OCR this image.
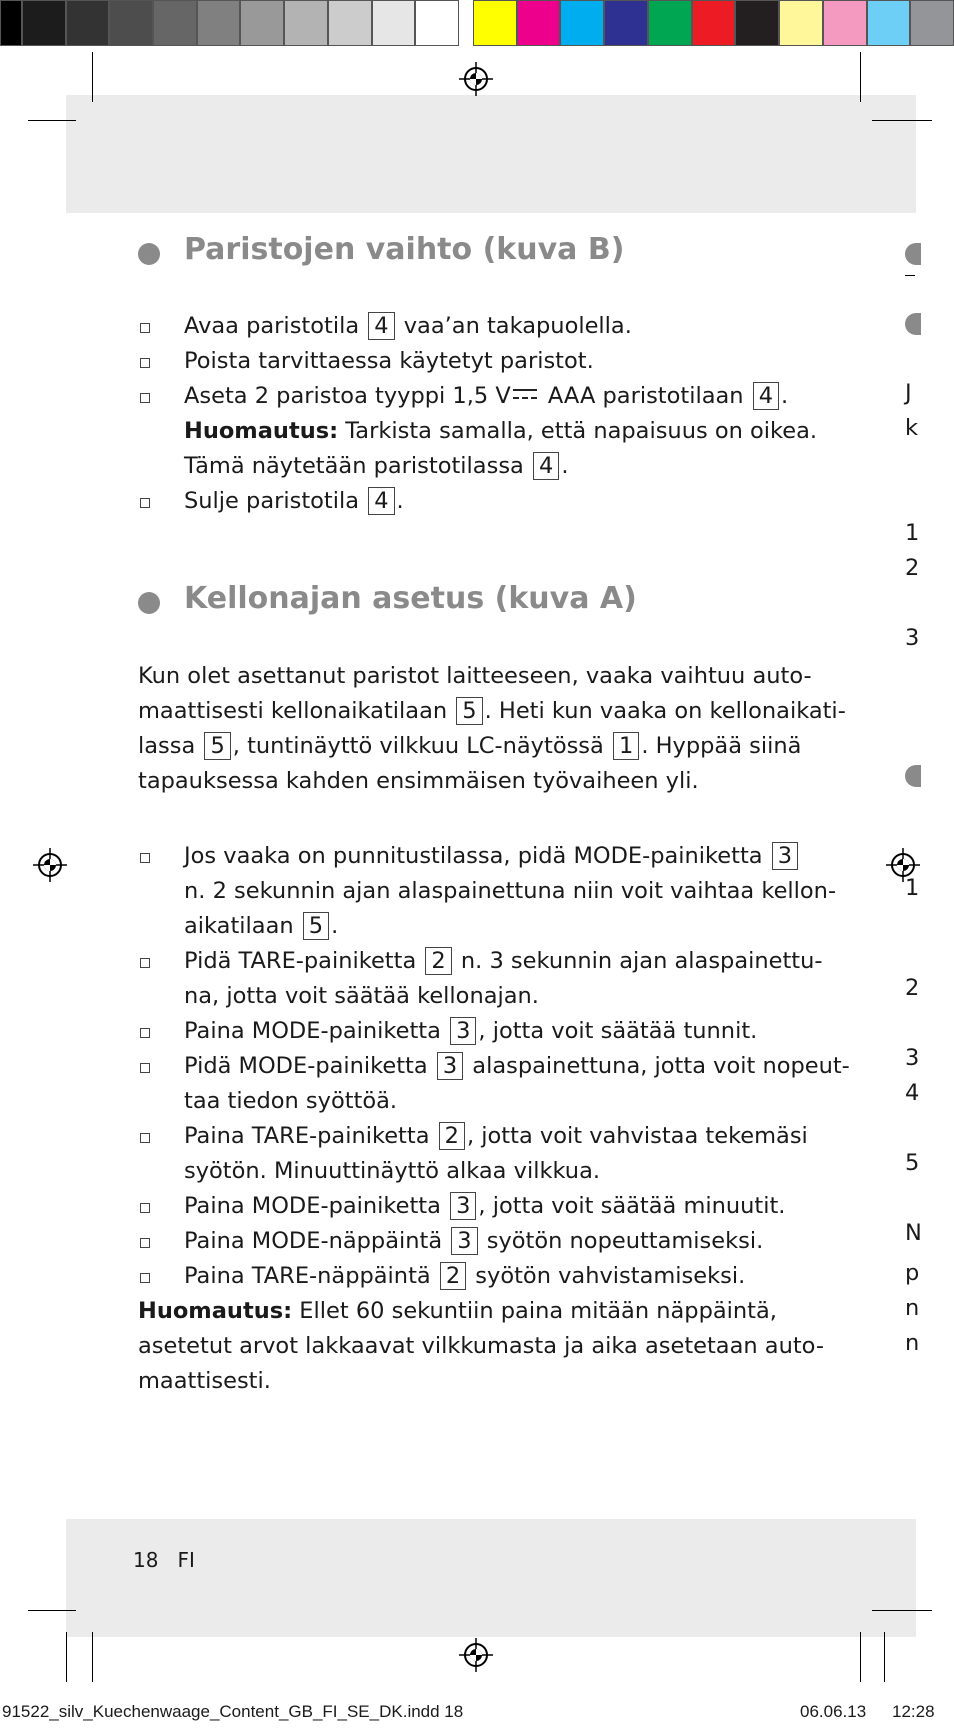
Paristojen vaihto (kuva B)
Avaa paristotila 4 vaa’an takapuolella.
Poista tarvittaessa käytetyt paristot.
Aseta 2 paristoa tyyppi 1,5 V AAA paristotilaan 4 .
Huomautus: Tarkista samalla, että napaisuus on oikea.
Tämä näytetään paristotilassa 4 .
Sulje paristotila 4 .
Kellonajan asetus (kuva A)
Kun olet asettanut paristot laitteeseen, vaaka vaihtuu auto-
maattisesti kellonaikatilaan 5 . Heti kun vaaka on kellonaikati-
lassa 5 , tuntinäyttö vilkkuu LC-näytössä 1 . Hyppää siinä
tapauksessa kahden ensimmäisen työvaiheen yli.
Jos vaaka on punnitustilassa, pidä MODE-painiketta 3
n. 2 sekunnin ajan alaspainettuna niin voit vaihtaa kellon-
aikatilaan 5 .
Pidä TARE-painiketta 2 n. 3 sekunnin ajan alaspainettu-
na, jotta voit säätää kellonajan.
Paina MODE-painiketta 3 , jotta voit säätää tunnit.
Pidä MODE-painiketta 3 alaspainettuna, jotta voit nopeut-
taa tiedon syöttöä.
Paina TARE-painiketta 2 , jotta voit vahvistaa tekemäsi
syötön. Minuuttinäyttö alkaa vilkkua.
Paina MODE-painiketta 3 , jotta voit säätää minuutit.
Paina MODE-näppäintä 3 syötön nopeuttamiseksi.
Paina TARE-näppäintä 2 syötön vahvistamiseksi.
Huomautus: Ellet 60 sekuntiin paina mitään näppäintä,
asetetut arvot lakkaavat vilkkumasta ja aika asetetaan auto-
maattisesti.
18 FI
J
k
1
2
3
1
2
3
4
5
N
p
n
n
91522_silv_Kuechenwaage_Content_GB_FI_SE_DK.indd 18	06.06.13 12:28
